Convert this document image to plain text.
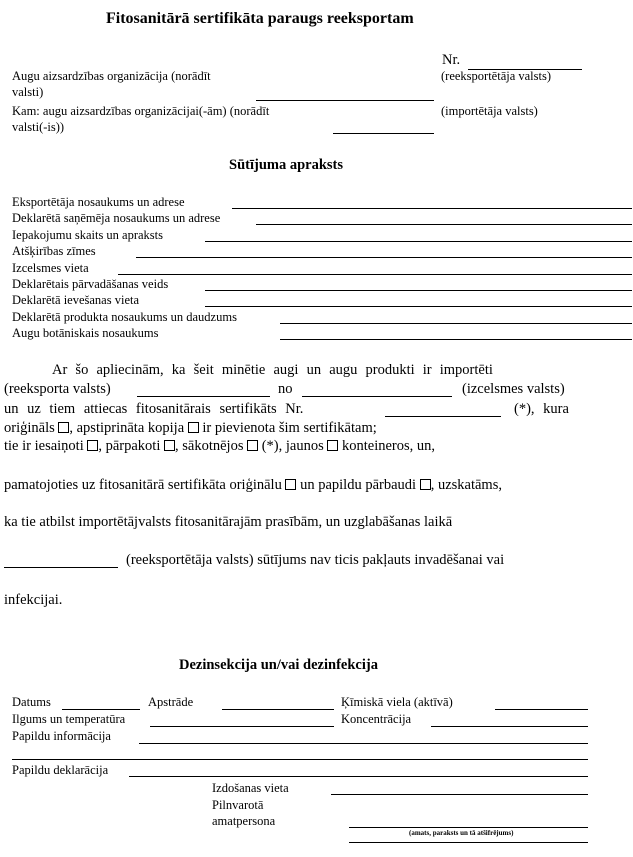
Fitosanitārā sertifikāta paraugs reeksportam
Nr.
Augu aizsardzības organizācija (norādīt	(reeksportētāja valsts)
valsti)
Kam: augu aizsardzības organizācijai(-ām) (norādīt	(importētāja valsts)
valsti(-is))
Sūtījuma apraksts
Eksportētāja nosaukums un adrese
Deklarētā saņēmēja nosaukums un adrese
Iepakojumu skaits un apraksts
Atšķirības zīmes
Izcelsmes vieta
Deklarētais pārvadāšanas veids
Deklarētā ievešanas vieta
Deklarētā produkta nosaukums un daudzums
Augu botāniskais nosaukums
Ar šo apliecinām, ka šeit minētie augi un augu produkti ir importēti
(reeksporta valsts)	no	(izcelsmes valsts)
un uz tiem attiecas fitosanitārais sertifikāts Nr.	(*), kura
oriģināls , apstiprināta kopija ir pievienota šim sertifikātam;
tie ir iesaiņoti , pārpakoti , sākotnējos (*), jaunos konteineros, un,
pamatojoties uz fitosanitārā sertifikāta oriģinālu un papildu pārbaudi , uzskatāms,
ka tie atbilst importētājvalsts fitosanitārajām prasībām, un uzglabāšanas laikā
(reeksportētāja valsts) sūtījums nav ticis pakļauts invadēšanai vai
infekcijai.
Dezinsekcija un/vai dezinfekcija
Datums	Apstrāde	Ķīmiskā viela (aktīvā)
Ilgums un temperatūra	Koncentrācija
Papildu informācija
Papildu deklarācija
Izdošanas vieta
Pilnvarotā
amatpersona
(amats, paraksts un tā atšifrējums)
